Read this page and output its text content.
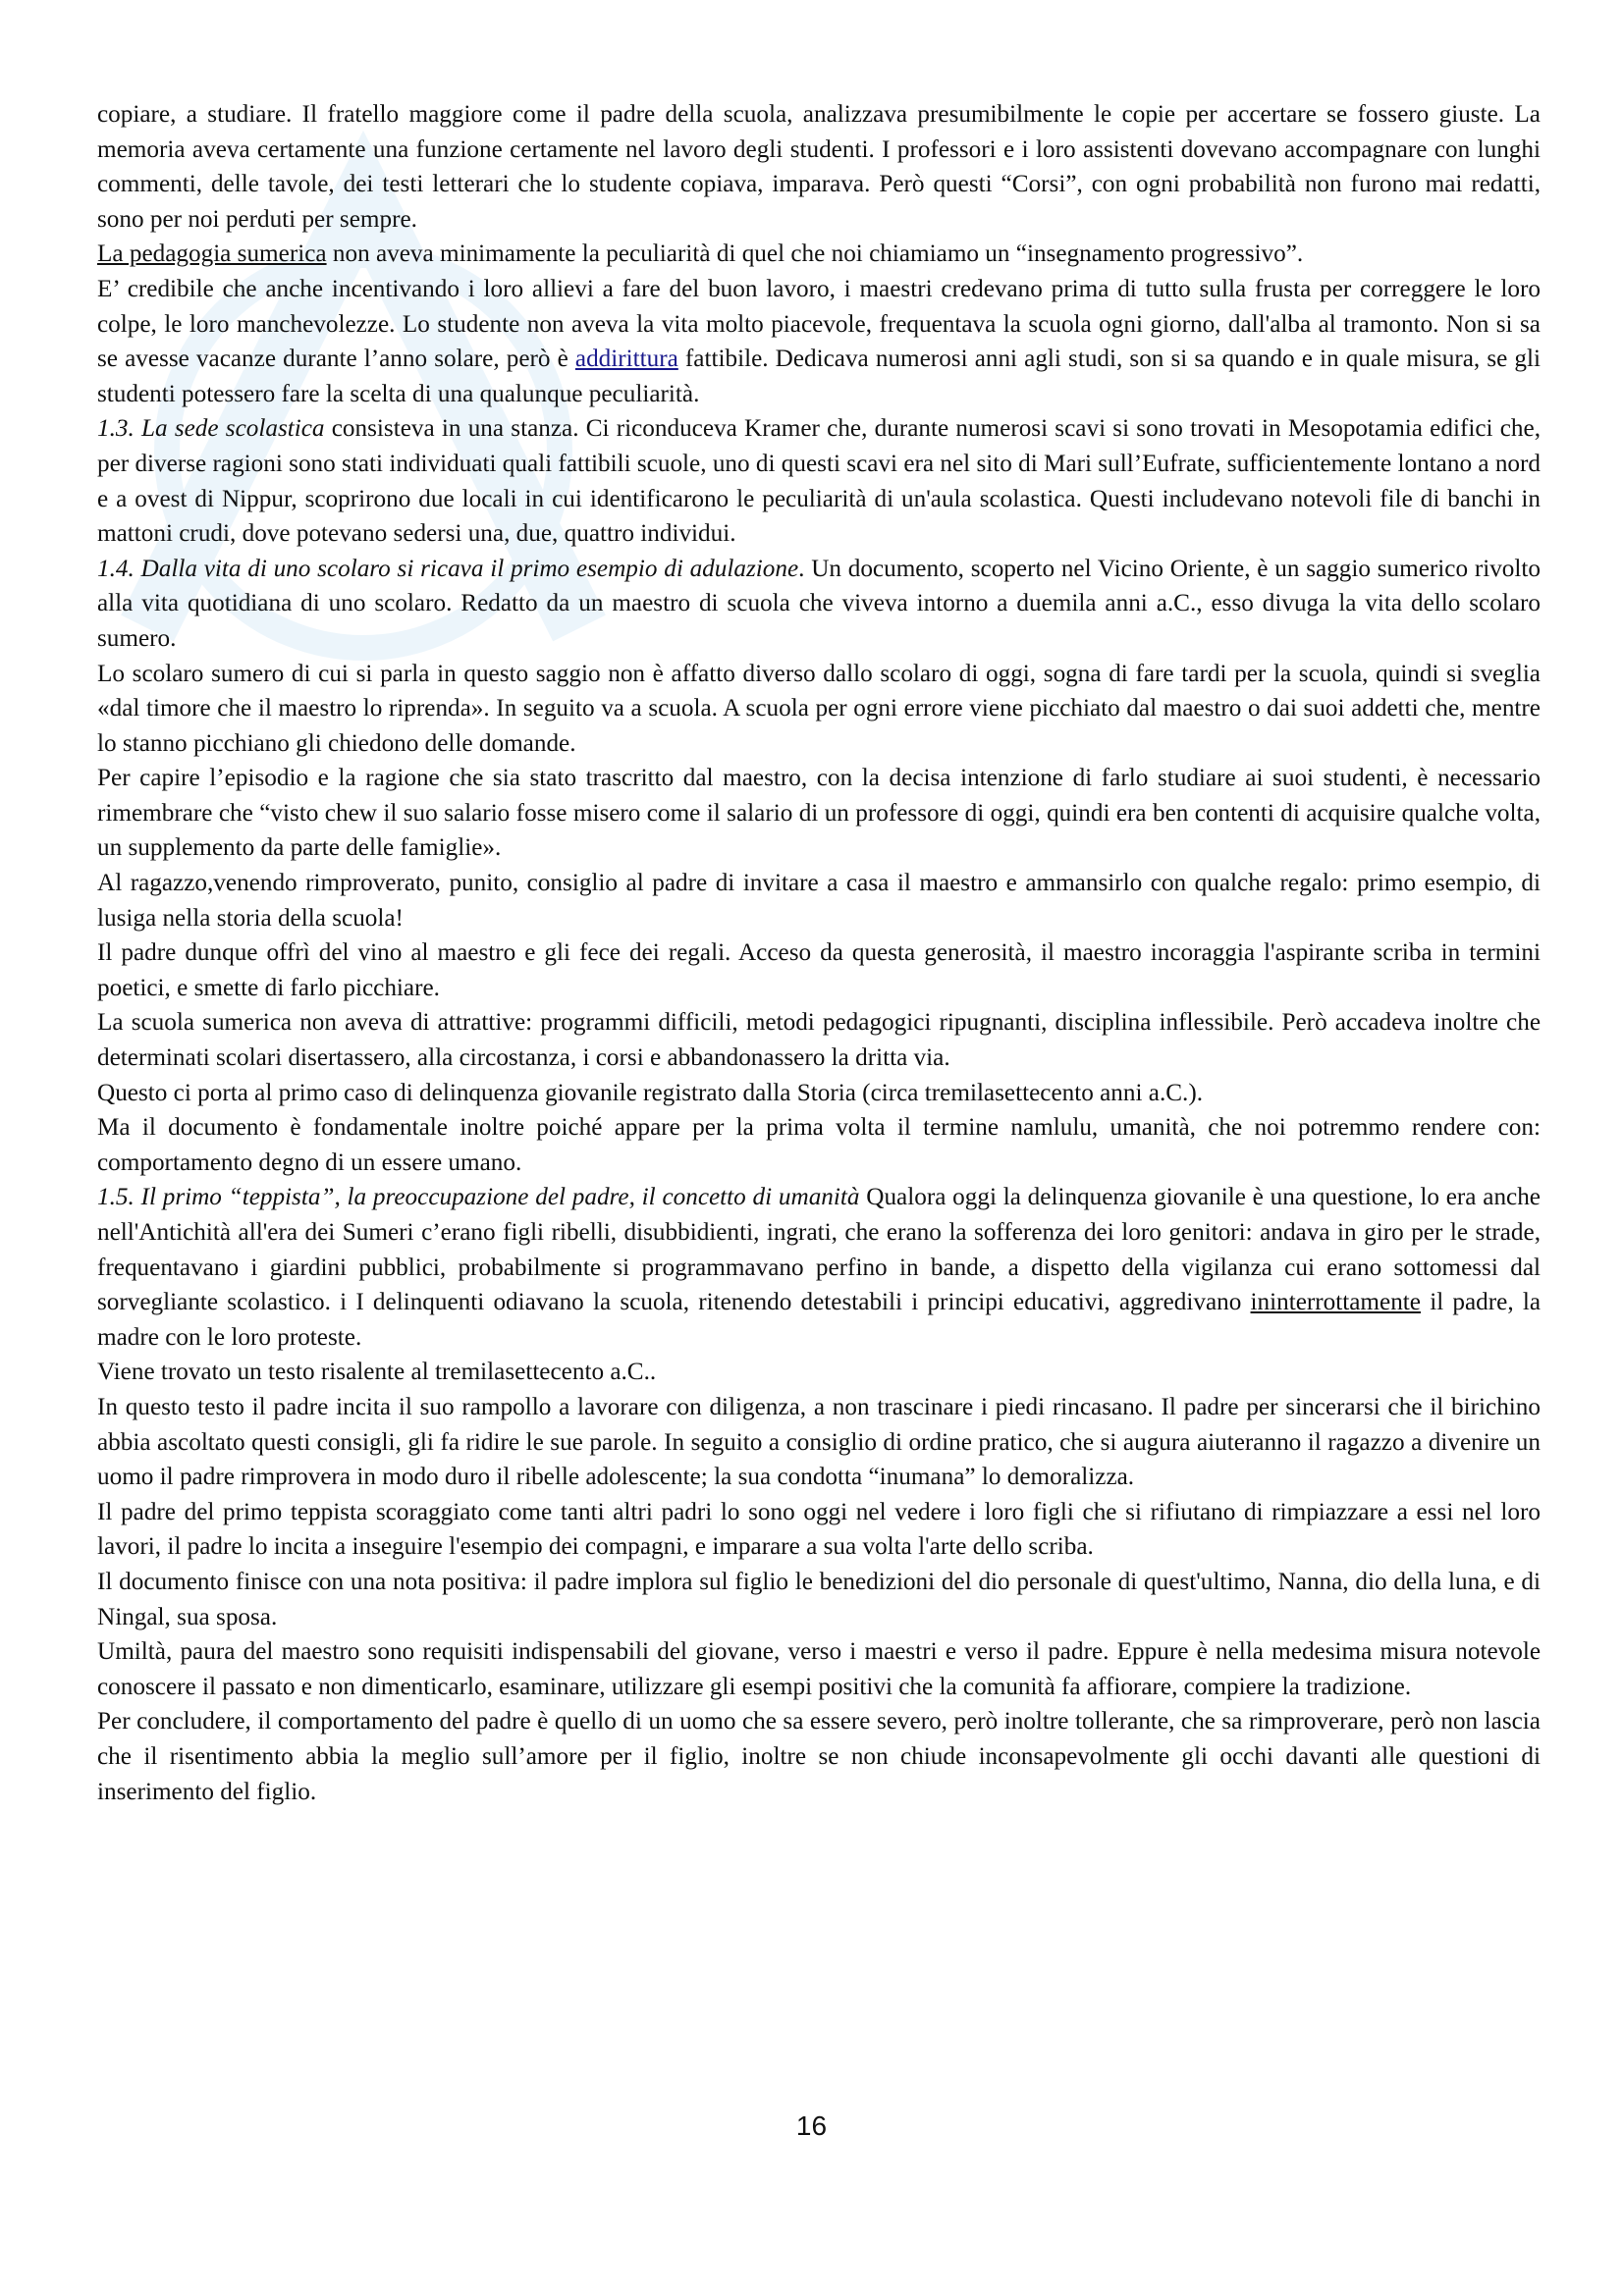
copiare, a studiare. Il fratello maggiore come il padre della scuola, analizzava presumibilmente le copie per accertare se fossero giuste. La memoria aveva certamente una funzione certamente nel lavoro degli studenti. I professori e i loro assistenti dovevano accompagnare con lunghi commenti, delle tavole, dei testi letterari che lo studente copiava, imparava. Però questi “Corsi”, con ogni probabilità non furono mai redatti, sono per noi perduti per sempre.

La pedagogia sumerica non aveva minimamente la peculiarità di quel che noi chiamiamo un “insegnamento progressivo”.

E’ credibile che anche incentivando i loro allievi a fare del buon lavoro, i maestri credevano prima di tutto sulla frusta per correggere le loro colpe, le loro manchevolezze. Lo studente non aveva la vita molto piacevole, frequentava la scuola ogni giorno, dall'alba al tramonto. Non si sa se avesse vacanze durante l’anno solare, però è addirittura fattibile. Dedicava numerosi anni agli studi, son si sa quando e in quale misura, se gli studenti potessero fare la scelta di una qualunque peculiarità.

1.3. La sede scolastica consisteva in una stanza. Ci riconduceva Kramer che, durante numerosi scavi si sono trovati in Mesopotamia edifici che, per diverse ragioni sono stati individuati quali fattibili scuole, uno di questi scavi era nel sito di Mari sull’Eufrate, sufficientemente lontano a nord e a ovest di Nippur, scoprirono due locali in cui identificarono le peculiarità di un'aula scolastica. Questi includevano notevoli file di banchi in mattoni crudi, dove potevano sedersi una, due, quattro individui.

1.4. Dalla vita di uno scolaro si ricava il primo esempio di adulazione. Un documento, scoperto nel Vicino Oriente, è un saggio sumerico rivolto alla vita quotidiana di uno scolaro. Redatto da un maestro di scuola che viveva intorno a duemila anni a.C., esso divuga la vita dello scolaro sumero.

Lo scolaro sumero di cui si parla in questo saggio non è affatto diverso dallo scolaro di oggi, sogna di fare tardi per la scuola, quindi si sveglia «dal timore che il maestro lo riprenda». In seguito va a scuola. A scuola per ogni errore viene picchiato dal maestro o dai suoi addetti che, mentre lo stanno picchiano gli chiedono delle domande.

Per capire l’episodio e la ragione che sia stato trascritto dal maestro, con la decisa intenzione di farlo studiare ai suoi studenti, è necessario rimembrare che “visto chew il suo salario fosse misero come il salario di un professore di oggi, quindi era ben contenti di acquisire qualche volta, un supplemento da parte delle famiglie».

Al ragazzo,venendo rimproverato, punito, consiglio al padre di invitare a casa il maestro e ammansirlo con qualche regalo: primo esempio, di lusiga nella storia della scuola!

Il padre dunque offrì del vino al maestro e gli fece dei regali. Acceso da questa generosità, il maestro incoraggia l'aspirante scriba in termini poetici, e smette di farlo picchiare.

La scuola sumerica non aveva di attrattive: programmi difficili, metodi pedagogici ripugnanti, disciplina inflessibile. Però accadeva inoltre che determinati scolari disertassero, alla circostanza, i corsi e abbandonassero la dritta via.

Questo ci porta al primo caso di delinquenza giovanile registrato dalla Storia (circa tremilasettecento anni a.C.).

Ma il documento è fondamentale inoltre poiché appare per la prima volta il termine namlulu, umanità, che noi potremmo rendere con: comportamento degno di un essere umano.

1.5. Il primo “teppista”, la preoccupazione del padre, il concetto di umanità Qualora oggi la delinquenza giovanile è una questione, lo era anche nell'Antichità all'era dei Sumeri c’erano figli ribelli, disubbidienti, ingrati, che erano la sofferenza dei loro genitori: andava in giro per le strade, frequentavano i giardini pubblici, probabilmente si programmavano perfino in bande, a dispetto della vigilanza cui erano sottomessi dal sorvegliante scolastico. i I delinquenti odiavano la scuola, ritenendo detestabili i principi educativi, aggredivano ininterrottamente il padre, la madre con le loro proteste.

Viene trovato un testo risalente al tremilasettecento a.C..

In questo testo il padre incita il suo rampollo a lavorare con diligenza, a non trascinare i piedi rincasano. Il padre per sincerarsi che il birichino abbia ascoltato questi consigli, gli fa ridire le sue parole. In seguito a consiglio di ordine pratico, che si augura aiuteranno il ragazzo a divenire un uomo il padre rimprovera in modo duro il ribelle adolescente; la sua condotta “inumana” lo demoralizza.

Il padre del primo teppista scoraggiato come tanti altri padri lo sono oggi nel vedere i loro figli che si rifiutano di rimpiazzare a essi nel loro lavori, il padre lo incita a inseguire l'esempio dei compagni, e imparare a sua volta l'arte dello scriba.

Il documento finisce con una nota positiva: il padre implora sul figlio le benedizioni del dio personale di quest'ultimo, Nanna, dio della luna, e di Ningal, sua sposa.

Umiltà, paura del maestro sono requisiti indispensabili del giovane, verso i maestri e verso il padre. Eppure è nella medesima misura notevole conoscere il passato e non dimenticarlo, esaminare, utilizzare gli esempi positivi che la comunità fa affiorare, compiere la tradizione.

Per concludere, il comportamento del padre è quello di un uomo che sa essere severo, però inoltre tollerante, che sa rimproverare, però non lascia che il risentimento abbia la meglio sull’amore per il figlio, inoltre se non chiude inconsapevolmente gli occhi davanti alle questioni di inserimento del figlio.

16
